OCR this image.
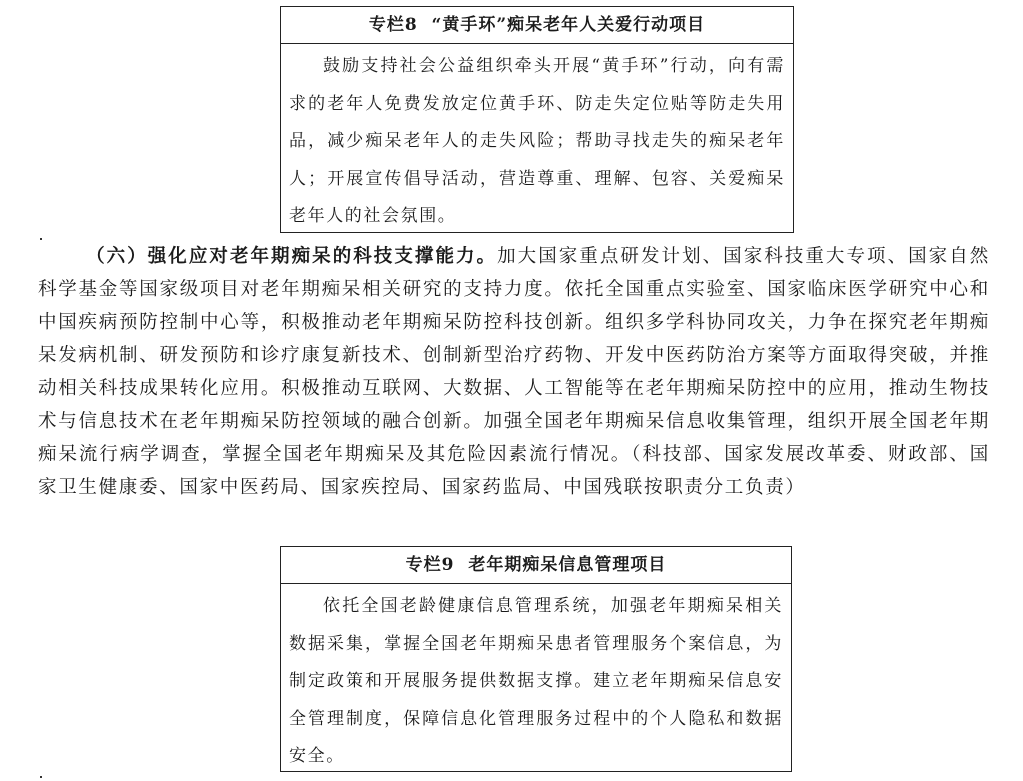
专栏8  “黄手环”痴呆老年人关爱行动项目

鼓励支持社会公益组织牵头开展“黄手环”行动，向有需求的老年人免费发放定位黄手环、防走失定位贴等防走失用品，减少痴呆老年人的走失风险；帮助寻找走失的痴呆老年人；开展宣传倡导活动，营造尊重、理解、包容、关爱痴呆老年人的社会氛围。

（六）强化应对老年期痴呆的科技支撑能力。加大国家重点研发计划、国家科技重大专项、国家自然科学基金等国家级项目对老年期痴呆相关研究的支持力度。依托全国重点实验室、国家临床医学研究中心和中国疾病预防控制中心等，积极推动老年期痴呆防控科技创新。组织多学科协同攻关，力争在探究老年期痴呆发病机制、研发预防和诊疗康复新技术、创制新型治疗药物、开发中医药防治方案等方面取得突破，并推动相关科技成果转化应用。积极推动互联网、大数据、人工智能等在老年期痴呆防控中的应用，推动生物技术与信息技术在老年期痴呆防控领域的融合创新。加强全国老年期痴呆信息收集管理，组织开展全国老年期痴呆流行病学调查，掌握全国老年期痴呆及其危险因素流行情况。（科技部、国家发展改革委、财政部、国家卫生健康委、国家中医药局、国家疾控局、国家药监局、中国残联按职责分工负责）

专栏9  老年期痴呆信息管理项目

依托全国老龄健康信息管理系统，加强老年期痴呆相关数据采集，掌握全国老年期痴呆患者管理服务个案信息，为制定政策和开展服务提供数据支撑。建立老年期痴呆信息安全管理制度，保障信息化管理服务过程中的个人隐私和数据安全。
